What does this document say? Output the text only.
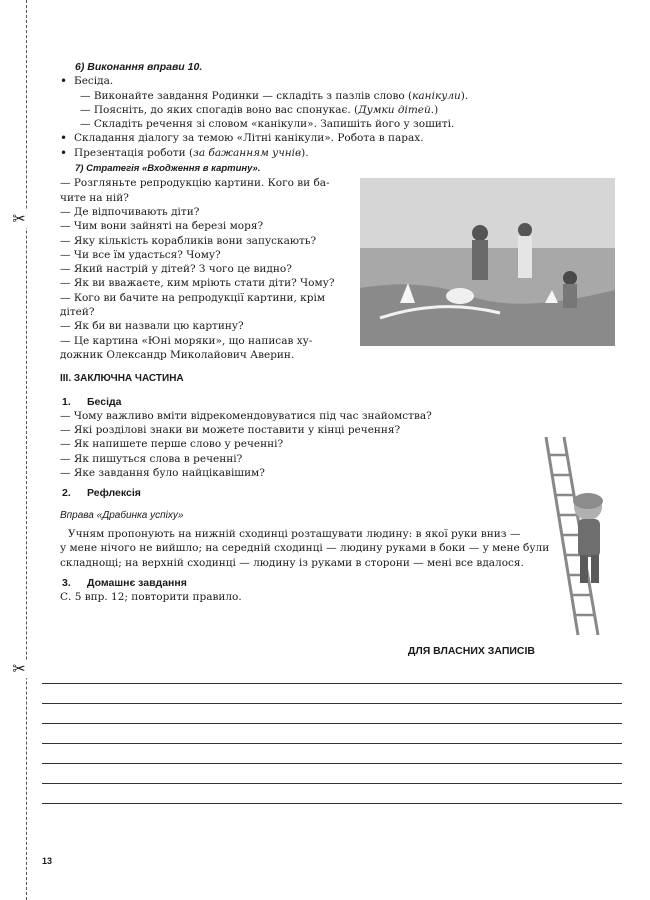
✂
✂
6) Виконання вправи 10.
• Бесіда.
— Виконайте завдання Родинки — складіть з пазлів слово (канікули).
— Поясніть, до яких спогадів воно вас спонукає. (Думки дітей.)
— Складіть речення зі словом «канікули». Запишіть його у зошиті.
• Складання діалогу за темою «Літні канікули». Робота в парах.
• Презентація роботи (за бажанням учнів).
7) Стратегія «Входження в картину».
— Розгляньте репродукцію картини. Кого ви ба-
чите на ній?
— Де відпочивають діти?
— Чим вони зайняті на березі моря?
— Яку кількість корабликів вони запускають?
— Чи все їм удасться? Чому?
— Який настрій у дітей? З чого це видно?
— Як ви вважаєте, ким мріють стати діти? Чому?
— Кого ви бачите на репродукції картини, крім
дітей?
— Як би ви назвали цю картину?
— Це картина «Юні моряки», що написав ху-
дожник Олександр Миколайович Аверин.
III. ЗАКЛЮЧНА ЧАСТИНА
1. Бесіда
— Чому важливо вміти відрекомендовуватися під час знайомства?
— Які розділові знаки ви можете поставити у кінці речення?
— Як напишете перше слово у реченні?
— Як пишуться слова в реченні?
— Яке завдання було найцікавішим?
2. Рефлексія
Вправа «Драбинка успіху»
Учням пропонують на нижній сходинці розташувати людину: в якої руки вниз —
у мене нічого не вийшло; на середній сходинці — людину руками в боки — у мене були
складнощі; на верхній сходинці — людину із руками в сторони — мені все вдалося.
3. Домашнє завдання
С. 5 впр. 12; повторити правило.
ДЛЯ ВЛАСНИХ ЗАПИСІВ
13
